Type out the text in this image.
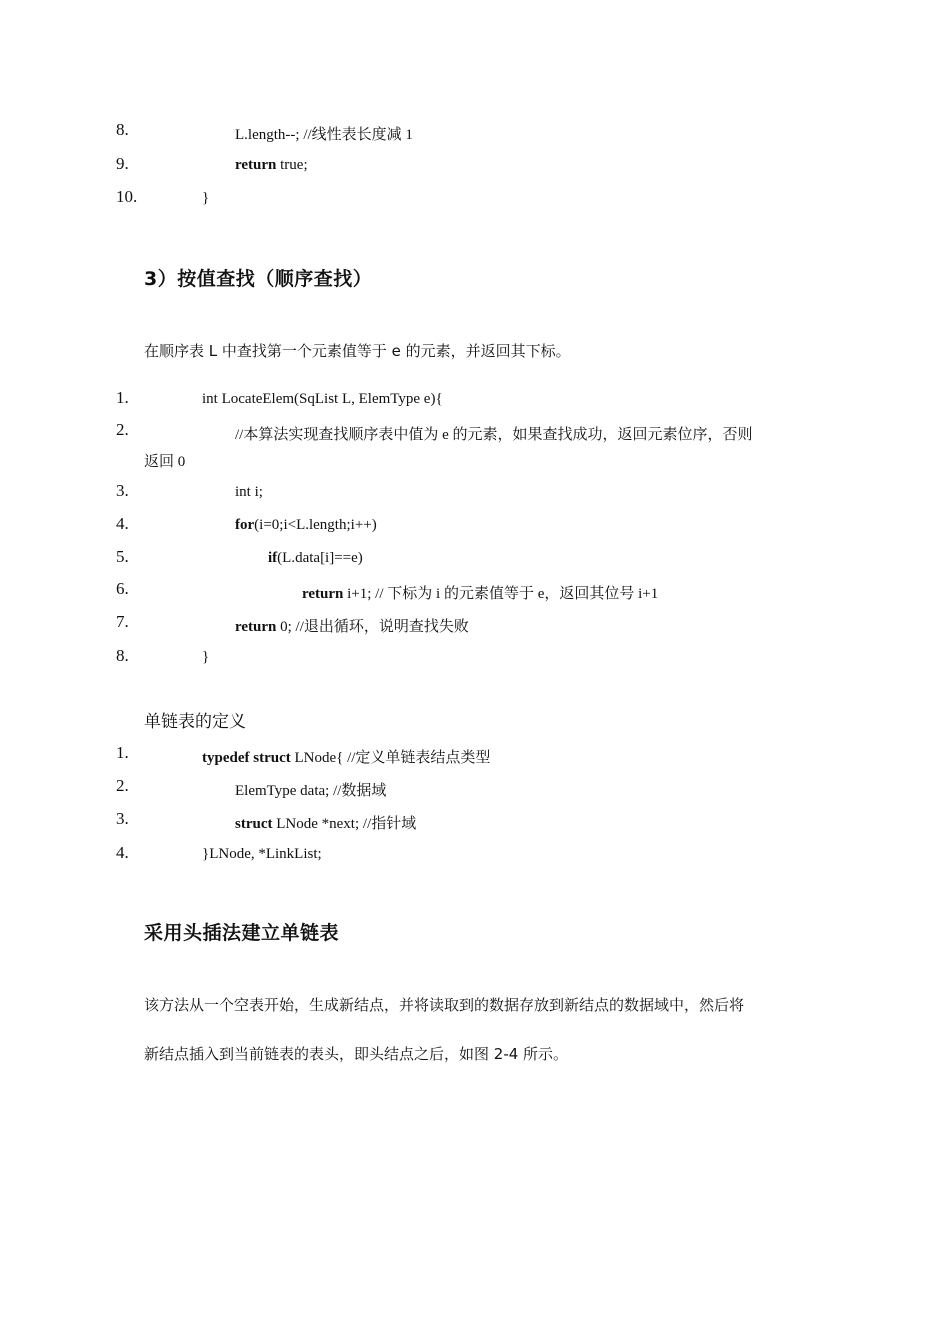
8.	L.length--; //线性表长度减 1
9.	return true;
10.	}
3）按值查找（顺序查找）
在顺序表 L 中查找第一个元素值等于 e 的元素，并返回其下标。
1.	int LocateElem(SqList L, ElemType e){
2.	//本算法实现查找顺序表中值为 e 的元素，如果查找成功，返回元素位序，否则
返回 0
3.	int i;
4.	for(i=0;i<L.length;i++)
5.	if(L.data[i]==e)
6.	return i+1; // 下标为 i 的元素值等于 e，返回其位号 i+1
7.	return 0; //退出循环，说明查找失败
8.	}
单链表的定义
1.	typedef struct LNode{ //定义单链表结点类型
2.	ElemType data; //数据域
3.	struct LNode *next; //指针域
4.	}LNode, *LinkList;
采用头插法建立单链表
该方法从一个空表开始，生成新结点，并将读取到的数据存放到新结点的数据域中，然后将
新结点插入到当前链表的表头，即头结点之后，如图 2-4 所示。
